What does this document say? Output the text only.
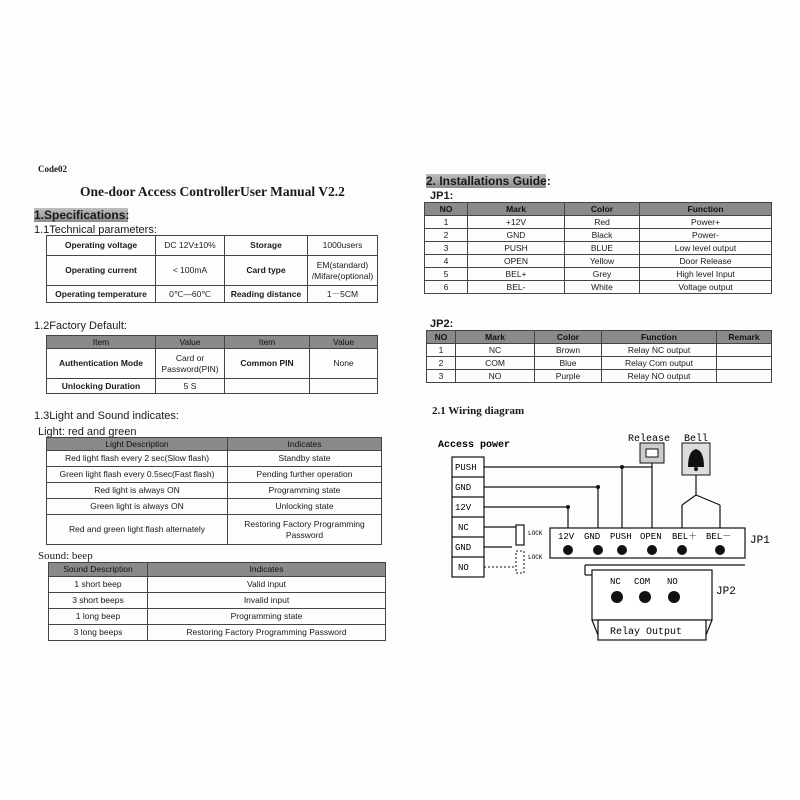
Code02
One-door Access ControllerUser Manual V2.2
1.Specifications:
1.1Technical parameters:
Operating voltage	DC 12V±10%	Storage	1000users
Operating current	< 100mA	Card type	EM(standard)
/Mifare(optional)

Operating temperature	0℃—60℃	Reading distance	1－5CM
1.2Factory Default:
Item	Value	Item	Value
Authentication Mode	Card or
Password(PIN)	Common PIN	None
Unlocking Duration	5 S		
1.3Light and Sound indicates:
Light: red and green
Light Description	Indicates
Red light flash every 2 sec(Slow flash)	Standby state
Green light flash every 0.5sec(Fast flash)	Pending further operation
Red light is always ON	Programming state
Green light is always ON	Unlocking state
Red and green light flash alternately	Restoring Factory Programming
Password
Sound: beep
Sound Description	Indicates
1 short beep	Valid input
3 short beeps	Invalid input
1 long beep	Programming state
3 long beeps	Restoring Factory Programming Password
2. Installations Guide:
JP1:
NO	Mark	Color	Function
1	+12V	Red	Power+
2	GND	Black	Power-
3	PUSH	BLUE	Low level output
4	OPEN	Yellow	Door Release
5	BEL+	Grey	High level Input
6	BEL-	White	Voltage output
JP2:
NO	Mark	Color	Function	Remark
1	NC	Brown	Relay NC output	
2	COM	Blue	Relay Com output	
3	NO	Purple	Relay NO output	
2.1 Wiring diagram
Access power
Release Bell
PUSH
GND
12V
NC
GND
NO
LOCK
LOCK
12V GND PUSH OPEN BEL＋ BEL－ JP1
NC COM NO
JP2
Relay Output
